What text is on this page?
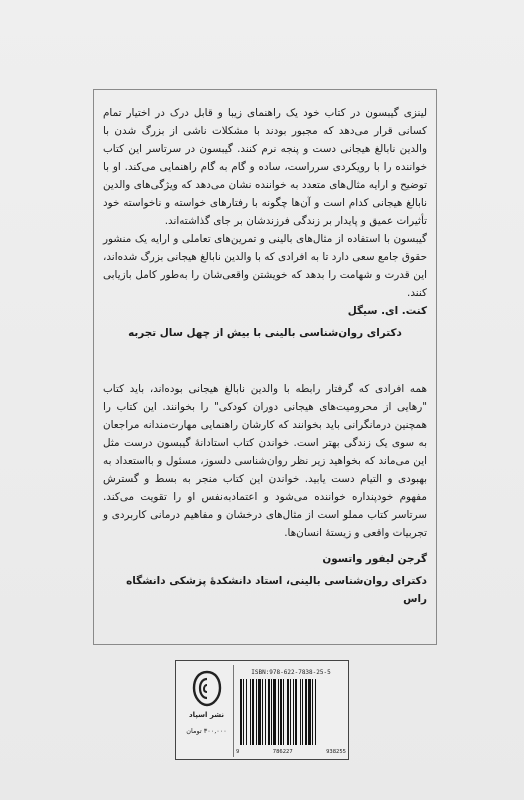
لینزی گیبسون در کتاب خود یک راهنمای زیبا و قابل درک در اختیار تمام کسانی قرار می‌دهد که مجبور بودند با مشکلات ناشی از بزرگ شدن با والدین نابالغ هیجانی دست و پنجه نرم کنند. گیبسون در سرتاسر این کتاب خواننده را با رویکردی سرراست، ساده و گام به گام راهنمایی می‌کند. او با توضیح و ارایه مثال‌های متعدد به خواننده نشان می‌دهد که ویژگی‌های والدین نابالغ هیجانی کدام است و آن‌ها چگونه با رفتارهای خواسته و ناخواسته خود تأثیرات عمیق و پایدار بر زندگی فرزندشان بر جای گذاشته‌اند.

گیبسون با استفاده از مثال‌های بالینی و تمرین‌های تعاملی و ارایه یک منشور حقوق جامع سعی دارد تا به افرادی که با والدین نابالغ هیجانی بزرگ شده‌اند، این قدرت و شهامت را بدهد که خویشتن واقعی‌شان را به‌طور کامل بازیابی کنند.

کنت. ای. سیگل

دکترای روان‌شناسی بالینی با بیش از چهل سال تجربه

همه افرادی که گرفتار رابطه با والدین نابالغ هیجانی بوده‌اند، باید کتاب "رهایی از محرومیت‌های هیجانی دوران کودکی" را بخوانند. این کتاب را همچنین درمانگرانی باید بخوانند که کارشان راهنمایی مهارت‌مندانه مراجعان به سوی یک زندگی بهتر است. خواندن کتاب استادانهٔ گیبسون درست مثل این می‌ماند که بخواهید زیر نظر روان‌شناسی دلسوز، مسئول و بااستعداد به بهبودی و التیام دست یابید. خواندن این کتاب منجر به بسط و گسترش مفهوم خودپنداره خواننده می‌شود و اعتمادبه‌نفس او را تقویت می‌کند. سرتاسر کتاب مملو است از مثال‌های درخشان و مفاهیم درمانی کاربردی و تجربیات واقعی و زیستهٔ انسان‌ها.

گرجن لیفور واتسون

دکترای روان‌شناسی بالینی، استاد دانشکدهٔ پزشکی دانشگاه راس

نشر اسپاد
۳۰۰,۰۰۰ تومان
ISBN:978-622-7838-25-5
9	786227	938255
